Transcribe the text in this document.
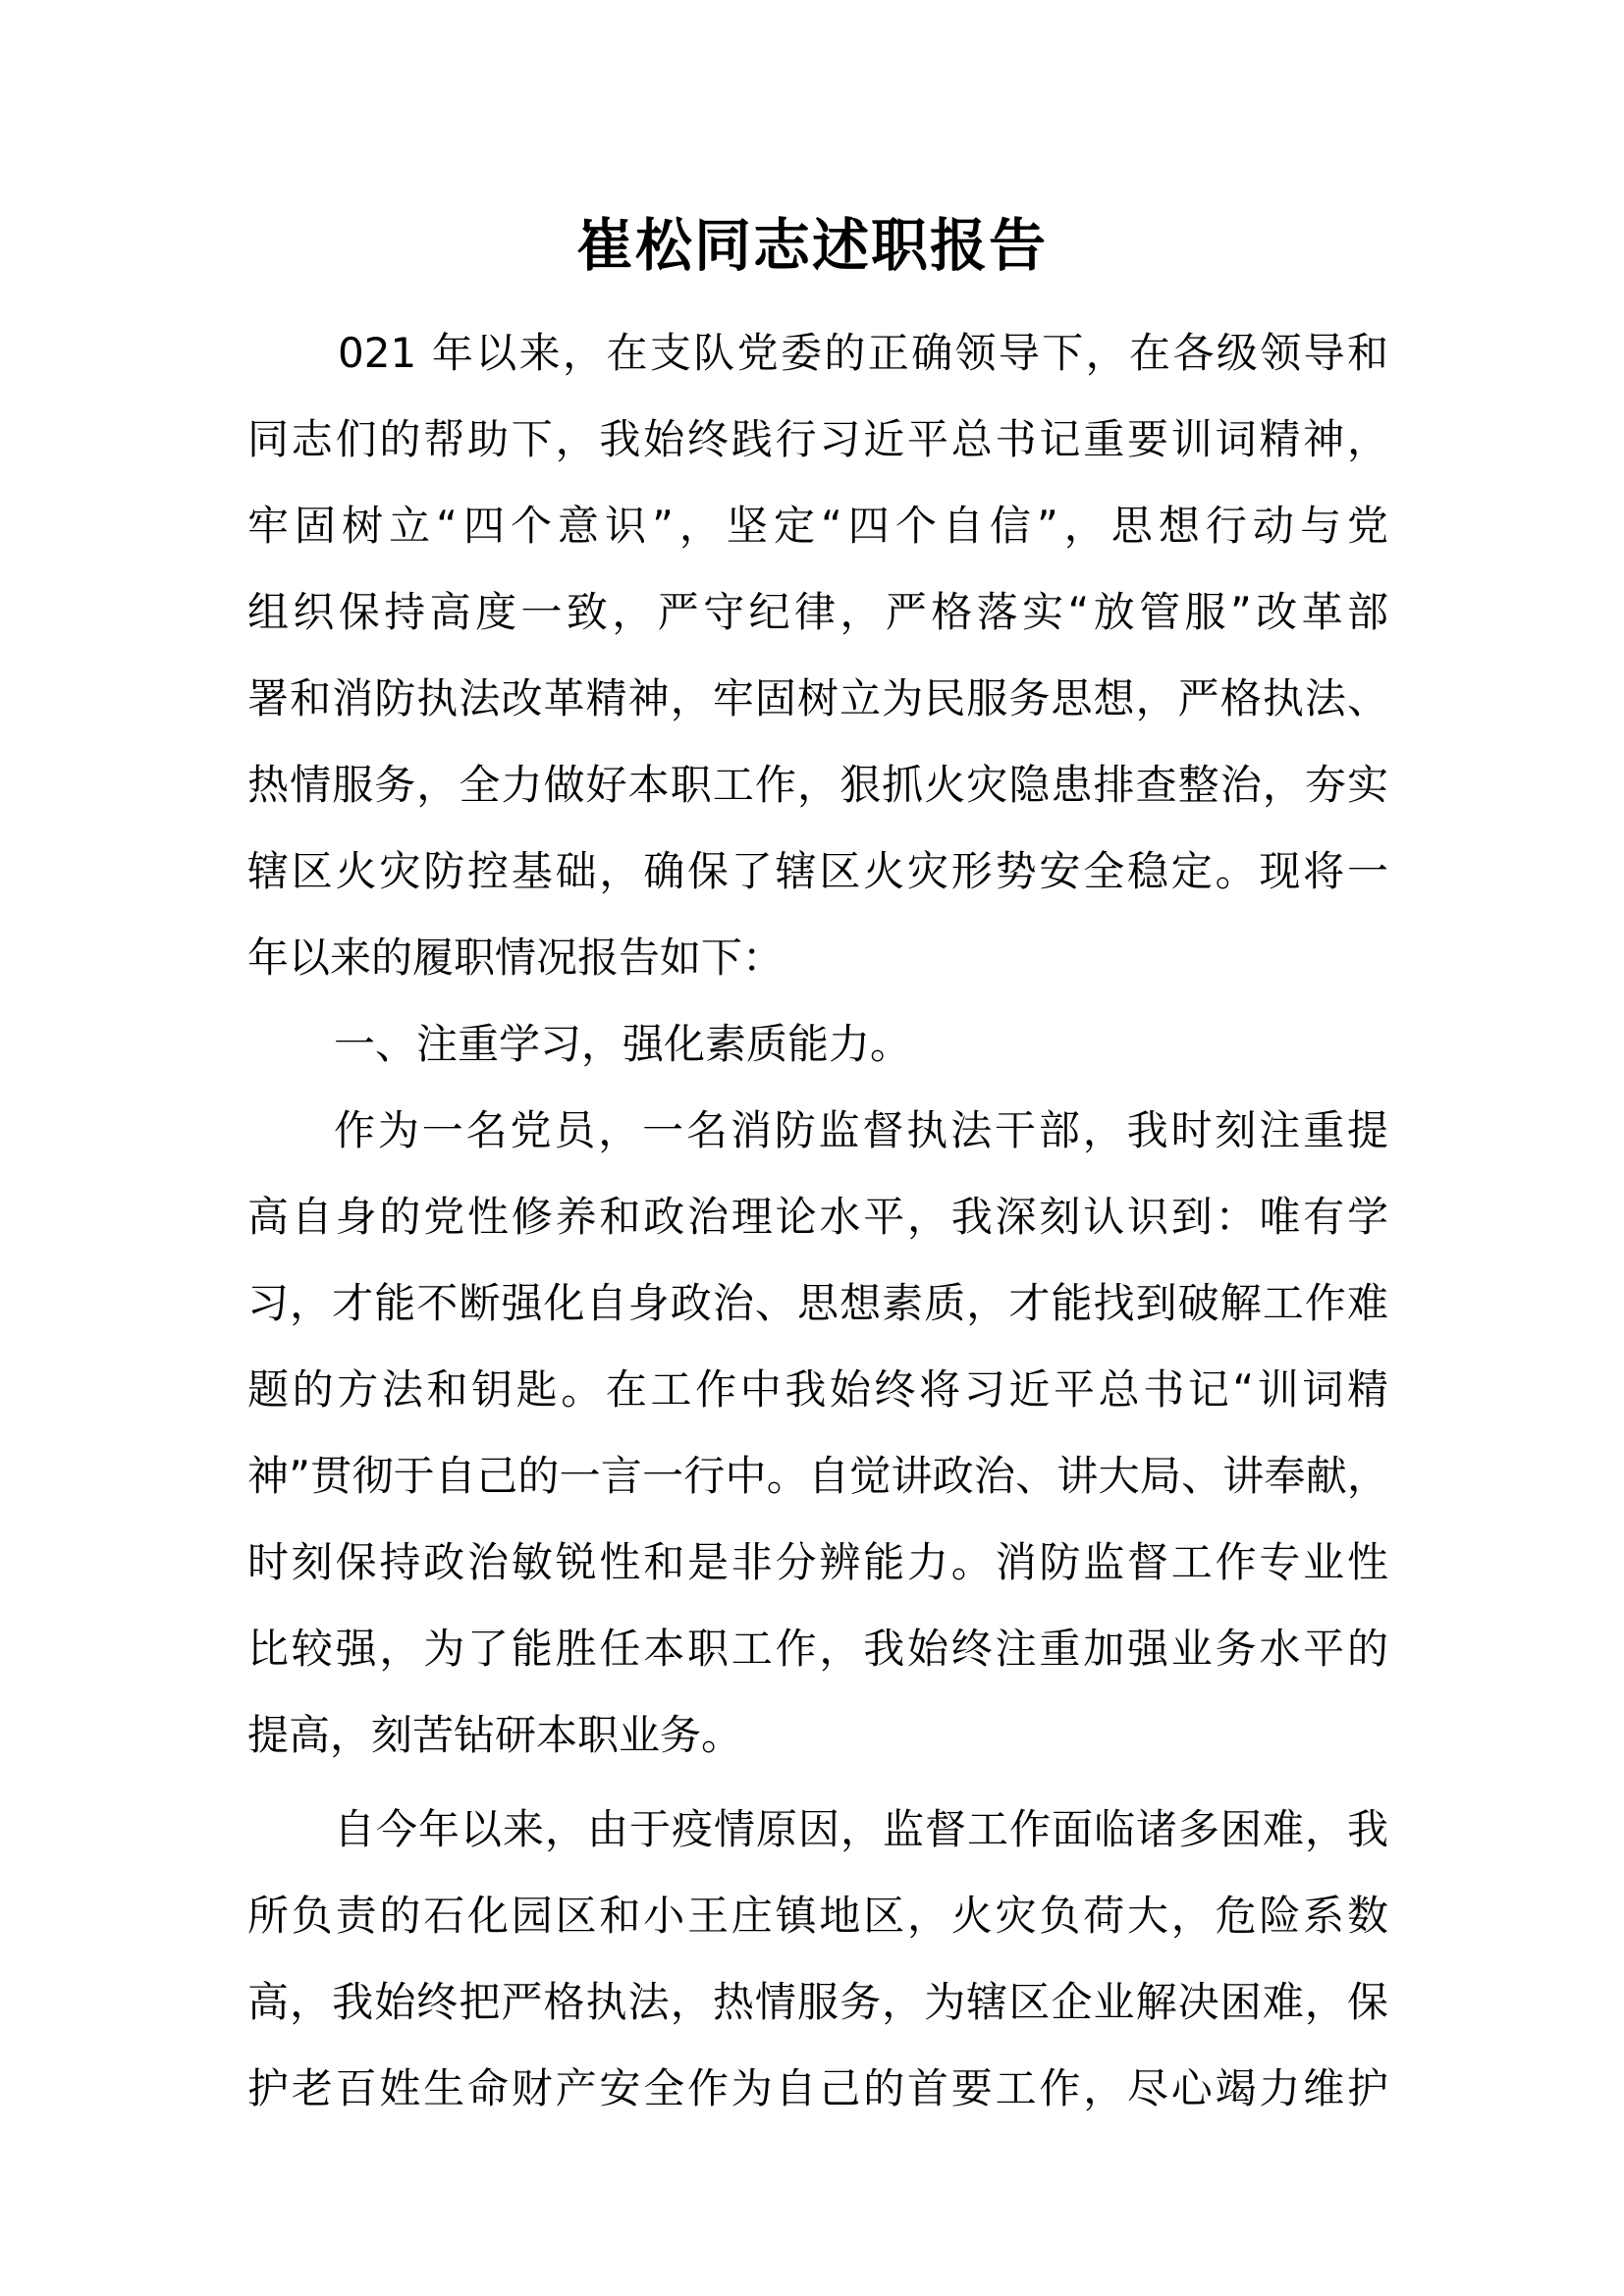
崔松同志述职报告
021 年以来，在支队党委的正确领导下，在各级领导和
同志们的帮助下，我始终践行习近平总书记重要训词精神，
牢固树立“四个意识”，坚定“四个自信”，思想行动与党
组织保持高度一致，严守纪律，严格落实“放管服”改革部
署和消防执法改革精神，牢固树立为民服务思想，严格执法、
热情服务，全力做好本职工作，狠抓火灾隐患排查整治，夯实
辖区火灾防控基础，确保了辖区火灾形势安全稳定。现将一
年以来的履职情况报告如下：
一、注重学习，强化素质能力。
作为一名党员，一名消防监督执法干部，我时刻注重提
高自身的党性修养和政治理论水平，我深刻认识到：唯有学
习，才能不断强化自身政治、思想素质，才能找到破解工作难
题的方法和钥匙。在工作中我始终将习近平总书记“训词精
神”贯彻于自己的一言一行中。自觉讲政治、讲大局、讲奉献，
时刻保持政治敏锐性和是非分辨能力。消防监督工作专业性
比较强，为了能胜任本职工作，我始终注重加强业务水平的
提高，刻苦钻研本职业务。
自今年以来，由于疫情原因，监督工作面临诸多困难，我
所负责的石化园区和小王庄镇地区，火灾负荷大，危险系数
高，我始终把严格执法，热情服务，为辖区企业解决困难，保
护老百姓生命财产安全作为自己的首要工作，尽心竭力维护
